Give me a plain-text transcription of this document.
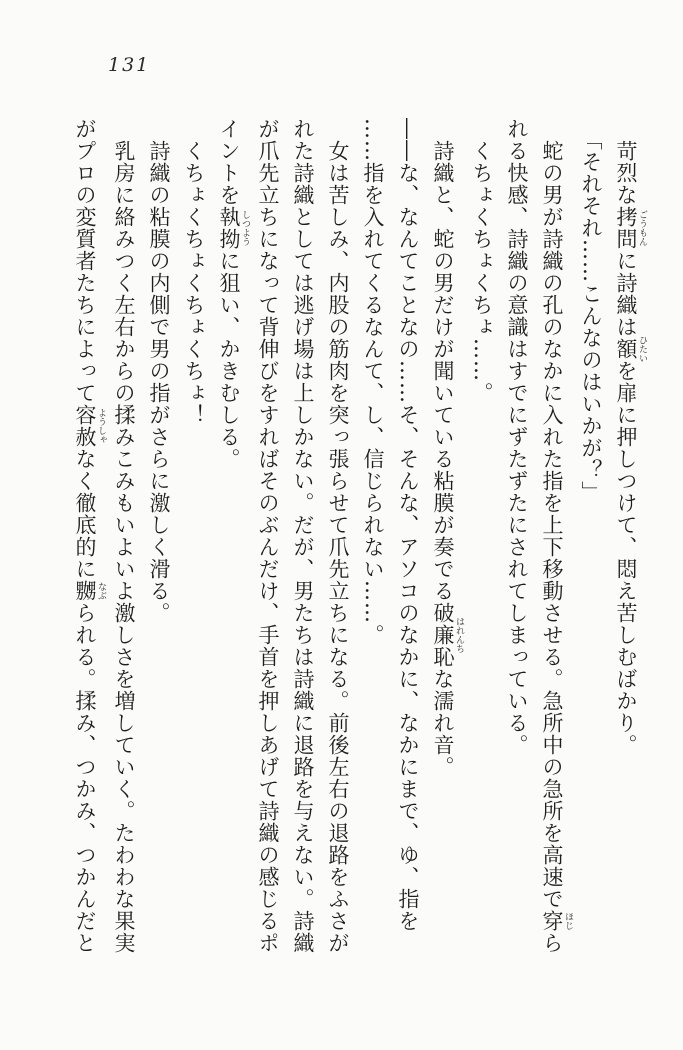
131
苛烈な拷問 ごうもんに詩織は額 ひたいを扉に押しつけて、悶え苦しむばかり。
「それそれ……こんなのはいかが？」
蛇の男が詩織の孔のなかに入れた指を上下移動させる。急所中の急所を高速で穿 ほじら
れる快感、詩織の意識はすでにずたずたにされてしまっている。
くちょくちょくちょ……。
詩織と、蛇の男だけが聞いている粘膜が奏でる破廉恥 はれんちな濡れ音。
――な、なんてことなの……そ、そんな、アソコのなかに、なかにまで、ゆ、指を
……指を入れてくるなんて、し、信じられない……。
女は苦しみ、内股の筋肉を突っ張らせて爪先立ちになる。前後左右の退路をふさが
れた詩織としては逃げ場は上しかない。だが、男たちは詩織に退路を与えない。詩織
が爪先立ちになって背伸びをすればそのぶんだけ、手首を押しあげて詩織の感じるポ
イントを執拗 しつように狙い、かきむしる。
くちょくちょくちょくちょ！
詩織の粘膜の内側で男の指がさらに激しく滑る。
乳房に絡みつく左右からの揉みこみもいよいよ激しさを増していく。たわわな果実
がプロの変質者たちによって容赦 ようしゃなく徹底的に嬲 なぶられる。揉み、つかみ、つかんだと
